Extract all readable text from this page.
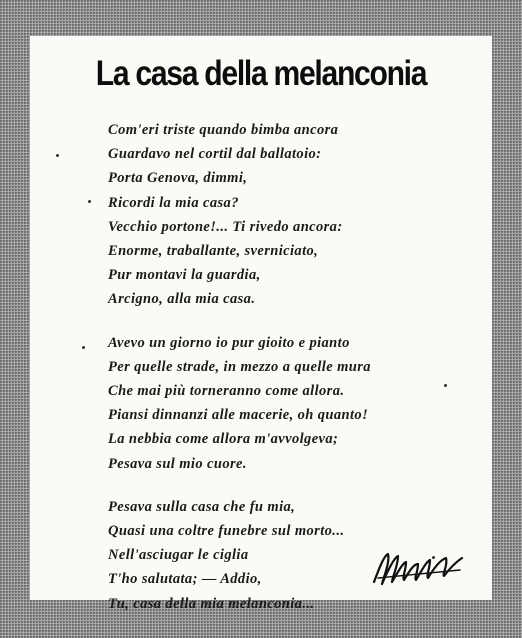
La casa della melanconia
Com'eri triste quando bimba ancora
Guardavo nel cortil dal ballatoio:
Porta Genova, dimmi,
Ricordi la mia casa?
Vecchio portone!... Ti rivedo ancora:
Enorme, traballante, sverniciato,
Pur montavi la guardia,
Arcigno, alla mia casa.
Avevo un giorno io pur gioito e pianto
Per quelle strade, in mezzo a quelle mura
Che mai più torneranno come allora.
Piansi dinnanzi alle macerie, oh quanto!
La nebbia come allora m'avvolgeva;
Pesava sul mio cuore.
Pesava sulla casa che fu mia,
Quasi una coltre funebre sul morto...
Nell'asciugar le ciglia
T'ho salutata; — Addio,
Tu, casa della mia melanconia...
